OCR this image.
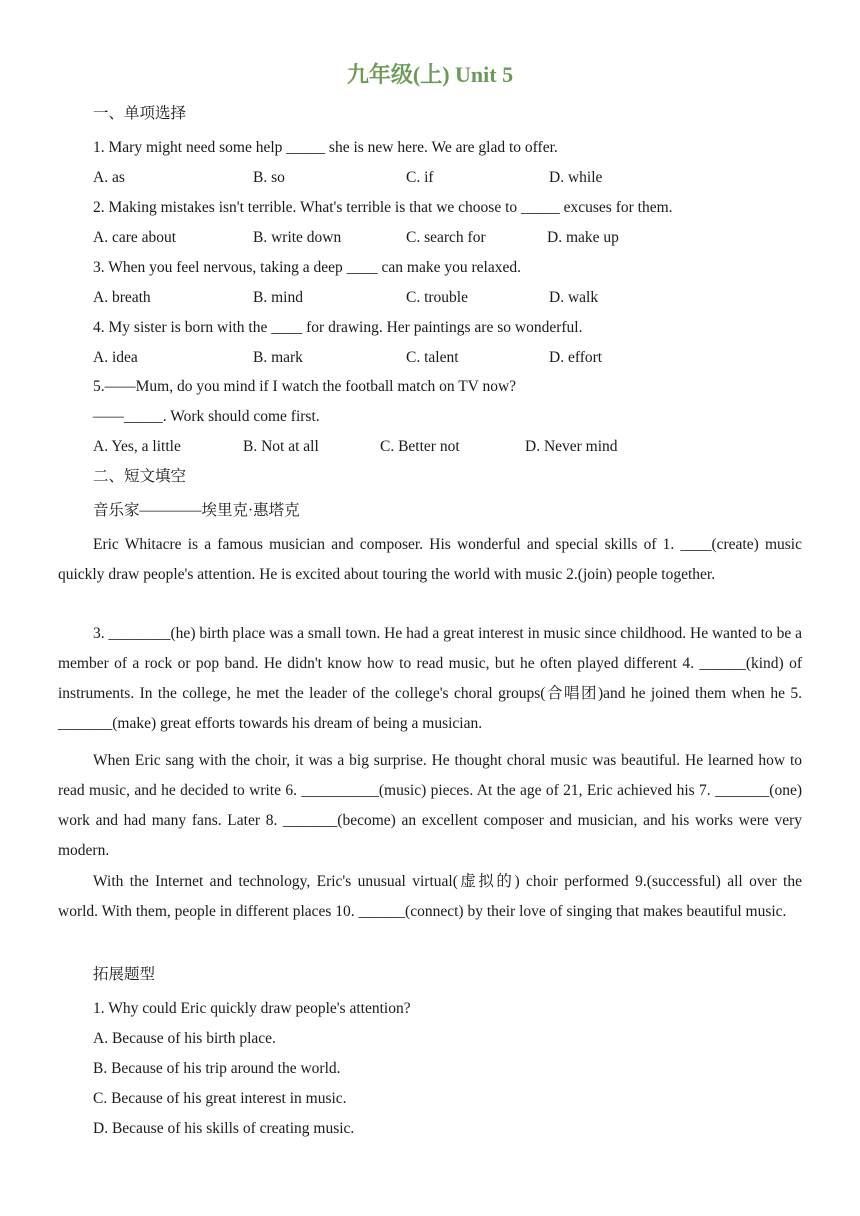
九年级(上) Unit 5
一、单项选择
1. Mary might need some help _____ she is new here. We are glad to offer.
A. as	B. so	C. if	D. while
2. Making mistakes isn't terrible. What's terrible is that we choose to _____ excuses for them.
A. care about	B. write down	C. search for	D. make up
3. When you feel nervous, taking a deep ____ can make you relaxed.
A. breath	B. mind	C. trouble	D. walk
4. My sister is born with the ____ for drawing. Her paintings are so wonderful.
A. idea	B. mark	C. talent	D. effort
5.——Mum, do you mind if I watch the football match on TV now?
——_____. Work should come first.
A. Yes, a little	B. Not at all	C. Better not	D. Never mind
二、短文填空
音乐家————埃里克·惠塔克
Eric Whitacre is a famous musician and composer. His wonderful and special skills of 1. ____(create) music quickly draw people's attention. He is excited about touring the world with music 2.(join) people together.
3. ________(he) birth place was a small town. He had a great interest in music since childhood. He wanted to be a member of a rock or pop band. He didn't know how to read music, but he often played different 4. ______(kind) of instruments. In the college, he met the leader of the college's choral groups(合唱团)and he joined them when he 5. _______(make) great efforts towards his dream of being a musician.
When Eric sang with the choir, it was a big surprise. He thought choral music was beautiful. He learned how to read music, and he decided to write 6. __________(music) pieces. At the age of 21, Eric achieved his 7. _______(one) work and had many fans. Later 8. _______(become) an excellent composer and musician, and his works were very modern.
With the Internet and technology, Eric's unusual virtual(虚拟的) choir performed 9.(successful) all over the world. With them, people in different places 10. ______(connect) by their love of singing that makes beautiful music.
拓展题型
1. Why could Eric quickly draw people's attention?
A. Because of his birth place.
B. Because of his trip around the world.
C. Because of his great interest in music.
D. Because of his skills of creating music.
